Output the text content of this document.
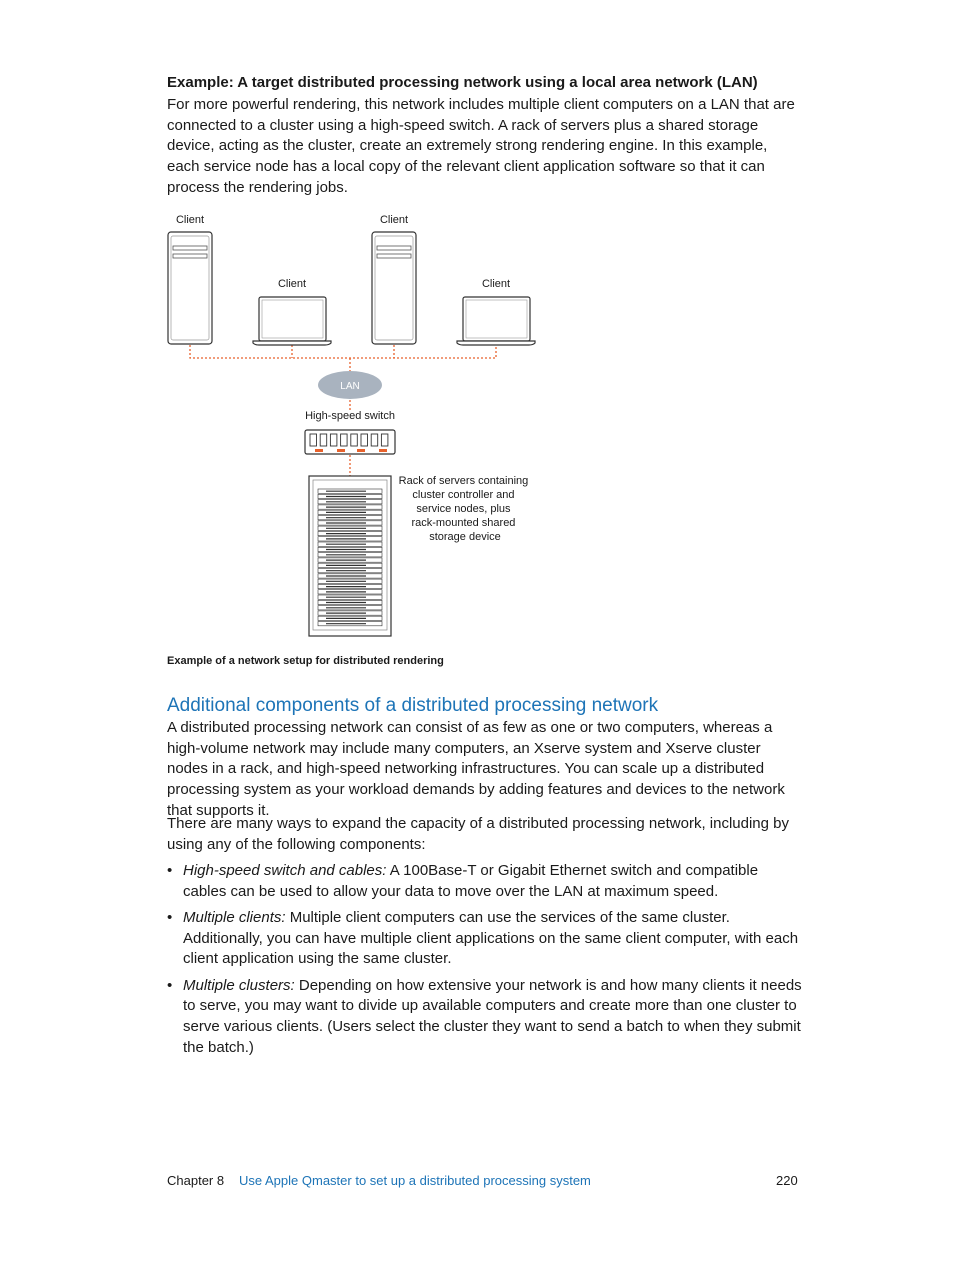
Example: A target distributed processing network using a local area network (LAN)
For more powerful rendering, this network includes multiple client computers on a LAN that are connected to a cluster using a high-speed switch. A rack of servers plus a shared storage device, acting as the cluster, create an extremely strong rendering engine. In this example, each service node has a local copy of the relevant client application software so that it can process the rendering jobs.
Client
Client
Client
Client
LAN
High-speed switch
Rack of servers containing cluster controller and service nodes, plus rack-mounted shared storage device
Example of a network setup for distributed rendering
Additional components of a distributed processing network
A distributed processing network can consist of as few as one or two computers, whereas a high-volume network may include many computers, an Xserve system and Xserve cluster nodes in a rack, and high-speed networking infrastructures. You can scale up a distributed processing system as your workload demands by adding features and devices to the network that supports it.
There are many ways to expand the capacity of a distributed processing network, including by using any of the following components:
• High-speed switch and cables: A 100Base-T or Gigabit Ethernet switch and compatible cables can be used to allow your data to move over the LAN at maximum speed.
• Multiple clients: Multiple client computers can use the services of the same cluster. Additionally, you can have multiple client applications on the same client computer, with each client application using the same cluster.
• Multiple clusters: Depending on how extensive your network is and how many clients it needs to serve, you may want to divide up available computers and create more than one cluster to serve various clients. (Users select the cluster they want to send a batch to when they submit the batch.)
Chapter 8 Use Apple Qmaster to set up a distributed processing system	220
